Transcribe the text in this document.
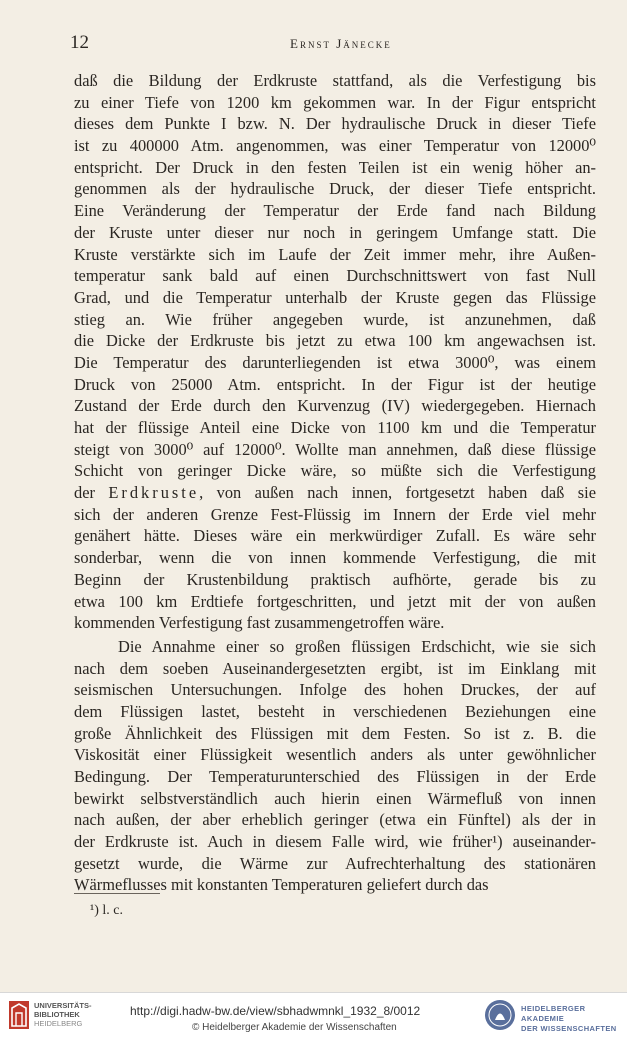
12	Ernst Jänecke
daß die Bildung der Erdkruste stattfand, als die Verfestigung bis
zu einer Tiefe von 1200 km gekommen war. In der Figur entspricht
dieses dem Punkte I bzw. N. Der hydraulische Druck in dieser Tiefe
ist zu 400000 Atm. angenommen, was einer Temperatur von 12000⁰
entspricht. Der Druck in den festen Teilen ist ein wenig höher an-
genommen als der hydraulische Druck, der dieser Tiefe entspricht.
Eine Veränderung der Temperatur der Erde fand nach Bildung
der Kruste unter dieser nur noch in geringem Umfange statt. Die
Kruste verstärkte sich im Laufe der Zeit immer mehr, ihre Außen-
temperatur sank bald auf einen Durchschnittswert von fast Null
Grad, und die Temperatur unterhalb der Kruste gegen das Flüssige
stieg an. Wie früher angegeben wurde, ist anzunehmen, daß
die Dicke der Erdkruste bis jetzt zu etwa 100 km angewachsen ist.
Die Temperatur des darunterliegenden ist etwa 3000⁰, was einem
Druck von 25000 Atm. entspricht. In der Figur ist der heutige
Zustand der Erde durch den Kurvenzug (IV) wiedergegeben. Hiernach
hat der flüssige Anteil eine Dicke von 1100 km und die Temperatur
steigt von 3000⁰ auf 12000⁰. Wollte man annehmen, daß diese flüssige
Schicht von geringer Dicke wäre, so müßte sich die Verfestigung
der Erdkruste, von außen nach innen, fortgesetzt haben daß sie
sich der anderen Grenze Fest-Flüssig im Innern der Erde viel mehr
genähert hätte. Dieses wäre ein merkwürdiger Zufall. Es wäre sehr
sonderbar, wenn die von innen kommende Verfestigung, die mit
Beginn der Krustenbildung praktisch aufhörte, gerade bis zu
etwa 100 km Erdtiefe fortgeschritten, und jetzt mit der von außen
kommenden Verfestigung fast zusammengetroffen wäre.
Die Annahme einer so großen flüssigen Erdschicht, wie sie sich
nach dem soeben Auseinandergesetzten ergibt, ist im Einklang mit
seismischen Untersuchungen. Infolge des hohen Druckes, der auf
dem Flüssigen lastet, besteht in verschiedenen Beziehungen eine
große Ähnlichkeit des Flüssigen mit dem Festen. So ist z. B. die
Viskosität einer Flüssigkeit wesentlich anders als unter gewöhnlicher
Bedingung. Der Temperaturunterschied des Flüssigen in der Erde
bewirkt selbstverständlich auch hierin einen Wärmefluß von innen
nach außen, der aber erheblich geringer (etwa ein Fünftel) als der in
der Erdkruste ist. Auch in diesem Falle wird, wie früher¹) auseinander-
gesetzt wurde, die Wärme zur Aufrechterhaltung des stationären
Wärmeflusses mit konstanten Temperaturen geliefert durch das
¹) l. c.
UNIVERSITÄTS-
BIBLIOTHEK
HEIDELBERG
http://digi.hadw-bw.de/view/sbhadwmnkl_1932_8/0012
© Heidelberger Akademie der Wissenschaften
HEIDELBERGER AKADEMIE
DER WISSENSCHAFTEN
